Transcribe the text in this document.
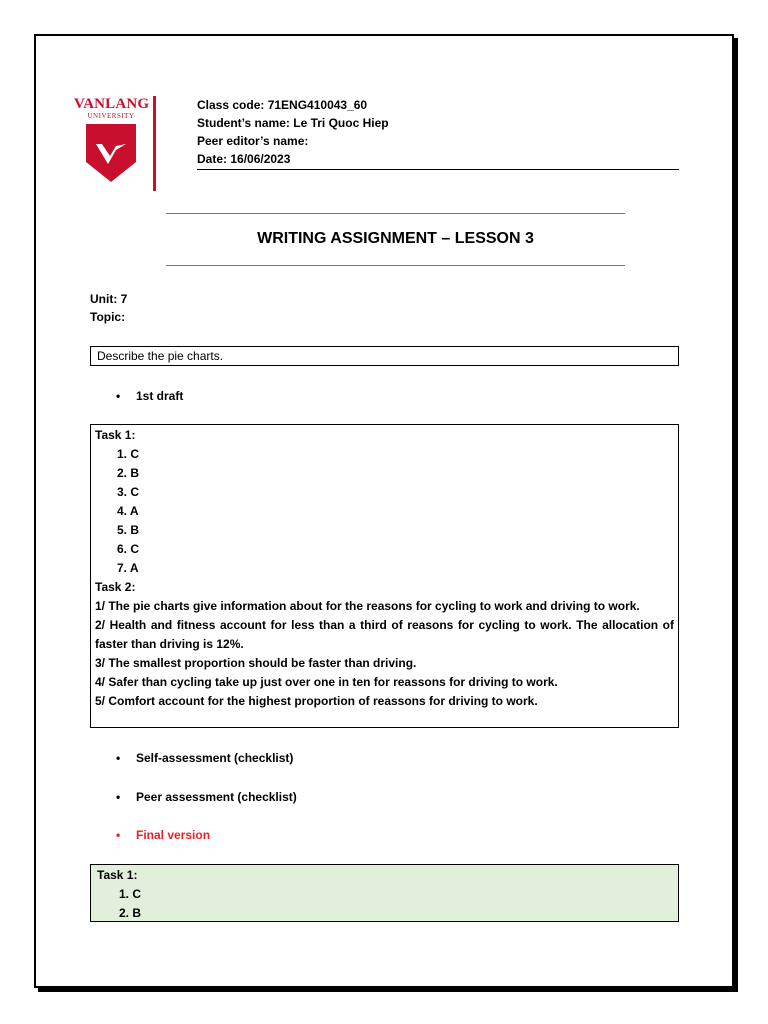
VANLANG
UNIVERSITY
Class code: 71ENG410043_60
Student’s name: Le Tri Quoc Hiep
Peer editor’s name:
Date: 16/06/2023
WRITING ASSIGNMENT – LESSON 3
Unit: 7
Topic:
Describe the pie charts.
• 1st draft
Task 1:
1. C
2. B
3. C
4. A
5. B
6. C
7. A
Task 2:
1/ The pie charts give information about for the reasons for cycling to work and driving to work.
2/ Health and fitness account for less than a third of reasons for cycling to work. The allocation of faster than driving is 12%.
3/ The smallest proportion should be faster than driving.
4/ Safer than cycling take up just over one in ten for reassons for driving to work.
5/ Comfort account for the highest proportion of reassons for driving to work.
• Self-assessment (checklist)
• Peer assessment (checklist)
• Final version
Task 1:
1. C
2. B
